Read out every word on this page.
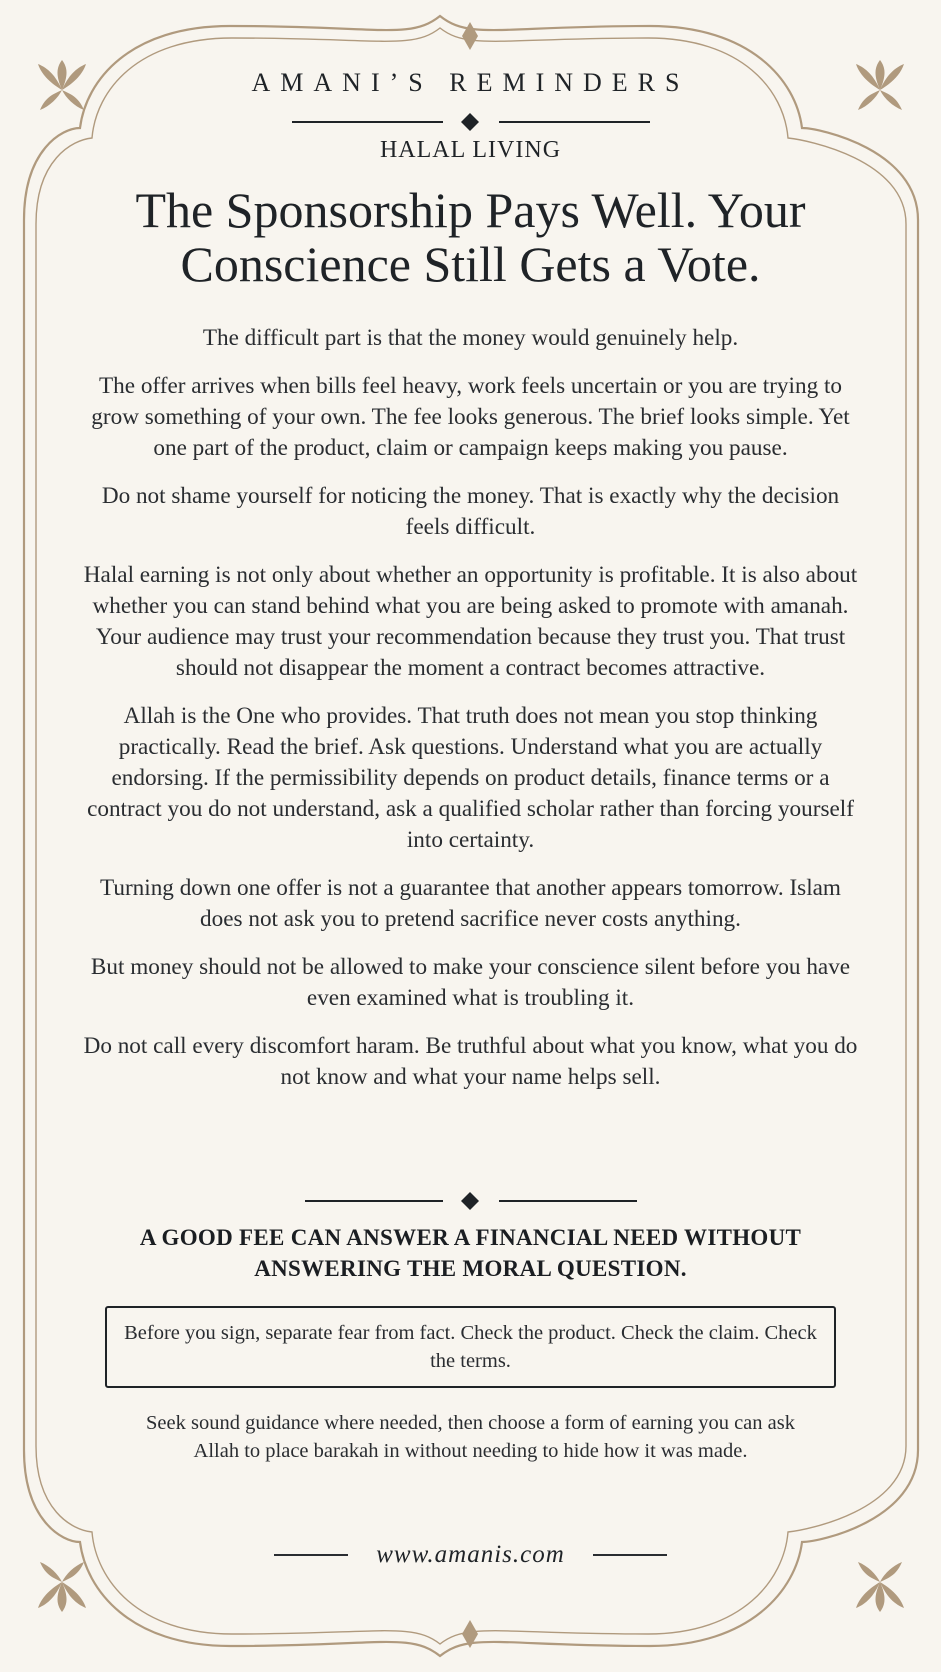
AMANI’S REMINDERS
HALAL LIVING
The Sponsorship Pays Well. Your
Conscience Still Gets a Vote.

The difficult part is that the money would genuinely help.

The offer arrives when bills feel heavy, work feels uncertain or you are trying to grow something of your own. The fee looks generous. The brief looks simple. Yet one part of the product, claim or campaign keeps making you pause.

Do not shame yourself for noticing the money. That is exactly why the decision feels difficult.

Halal earning is not only about whether an opportunity is profitable. It is also about whether you can stand behind what you are being asked to promote with amanah. Your audience may trust your recommendation because they trust you. That trust should not disappear the moment a contract becomes attractive.

Allah is the One who provides. That truth does not mean you stop thinking practically. Read the brief. Ask questions. Understand what you are actually endorsing. If the permissibility depends on product details, finance terms or a contract you do not understand, ask a qualified scholar rather than forcing yourself into certainty.

Turning down one offer is not a guarantee that another appears tomorrow. Islam does not ask you to pretend sacrifice never costs anything.

But money should not be allowed to make your conscience silent before you have even examined what is troubling it.

Do not call every discomfort haram. Be truthful about what you know, what you do not know and what your name helps sell.

A GOOD FEE CAN ANSWER A FINANCIAL NEED WITHOUT ANSWERING THE MORAL QUESTION.
Before you sign, separate fear from fact. Check the product. Check the claim. Check the terms.
Seek sound guidance where needed, then choose a form of earning you can ask Allah to place barakah in without needing to hide how it was made.
www.amanis.com
